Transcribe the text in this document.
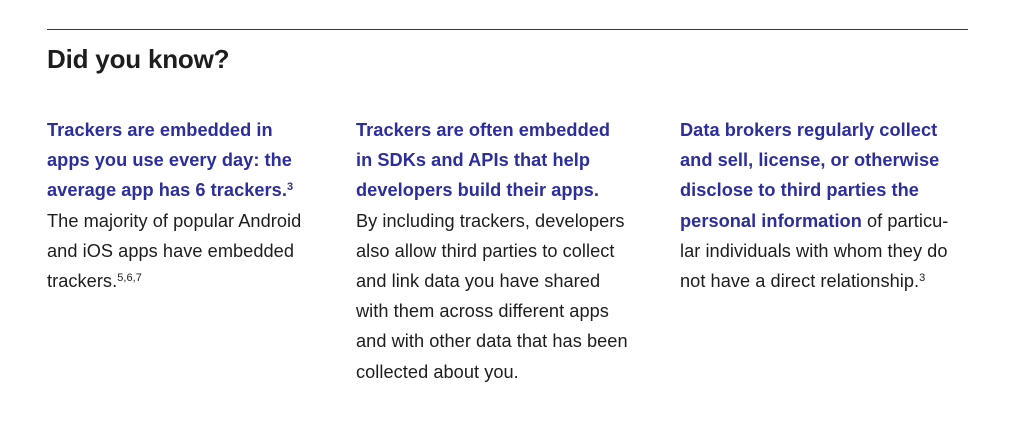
Did you know?
Trackers are embedded in
apps you use every day: the
average app has 6 trackers.$^3$
The majority of popular Android
and iOS apps have embedded
trackers.$^{5,6,7}$
Trackers are often embedded
in SDKs and APIs that help
developers build their apps.
By including trackers, developers
also allow third parties to collect
and link data you have shared
with them across different apps
and with other data that has been
collected about you.
Data brokers regularly collect
and sell, license, or otherwise
disclose to third parties the
personal information of particu-
lar individuals with whom they do
not have a direct relationship.$^3$
